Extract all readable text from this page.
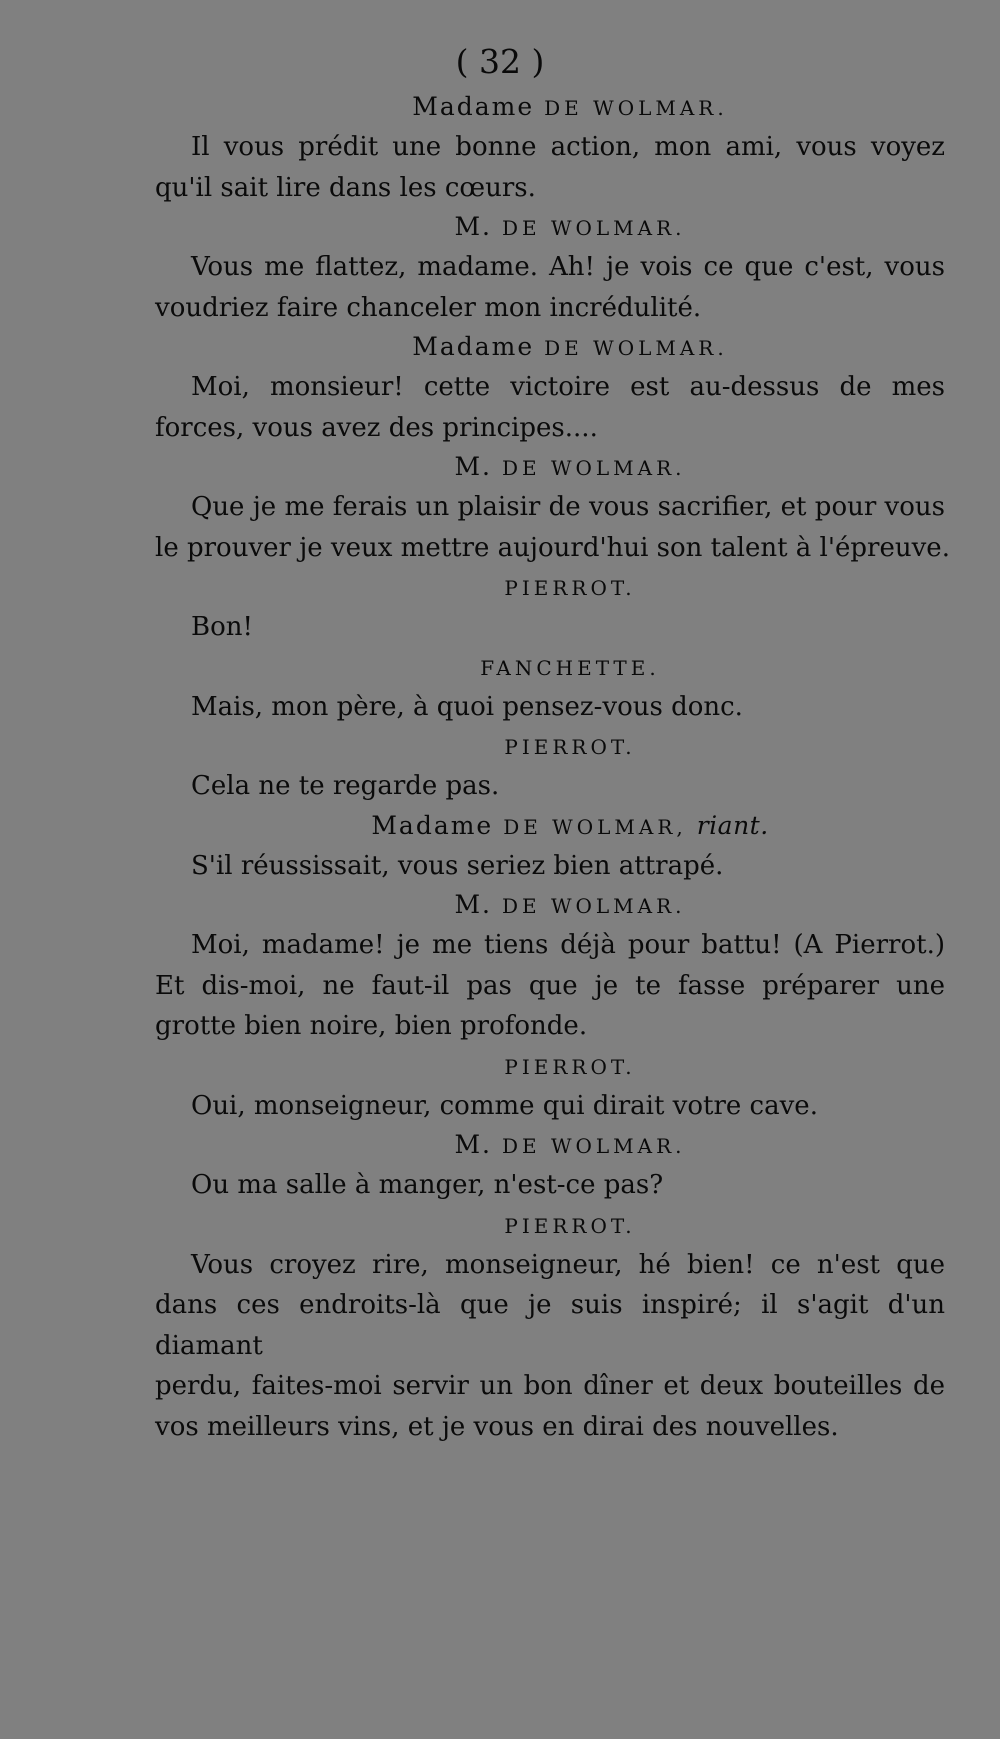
( 32 )

Madame DE WOLMAR.

Il vous prédit une bonne action, mon ami, vous voyez

qu'il sait lire dans les cœurs.

M. DE WOLMAR.

Vous me flattez, madame. Ah! je vois ce que c'est, vous

voudriez faire chanceler mon incrédulité.

Madame DE WOLMAR.

Moi, monsieur! cette victoire est au-dessus de mes

forces, vous avez des principes....

M. DE WOLMAR.

Que je me ferais un plaisir de vous sacrifier, et pour vous

le prouver je veux mettre aujourd'hui son talent à l'épreuve.

PIERROT.

Bon!

FANCHETTE.

Mais, mon père, à quoi pensez-vous donc.

PIERROT.

Cela ne te regarde pas.

Madame DE WOLMAR, riant.

S'il réussissait, vous seriez bien attrapé.

M. DE WOLMAR.

Moi, madame! je me tiens déjà pour battu! (A Pierrot.)

Et dis-moi, ne faut-il pas que je te fasse préparer une

grotte bien noire, bien profonde.

PIERROT.

Oui, monseigneur, comme qui dirait votre cave.

M. DE WOLMAR.

Ou ma salle à manger, n'est-ce pas?

PIERROT.

Vous croyez rire, monseigneur, hé bien! ce n'est que

dans ces endroits-là que je suis inspiré; il s'agit d'un diamant

perdu, faites-moi servir un bon dîner et deux bouteilles de

vos meilleurs vins, et je vous en dirai des nouvelles.
